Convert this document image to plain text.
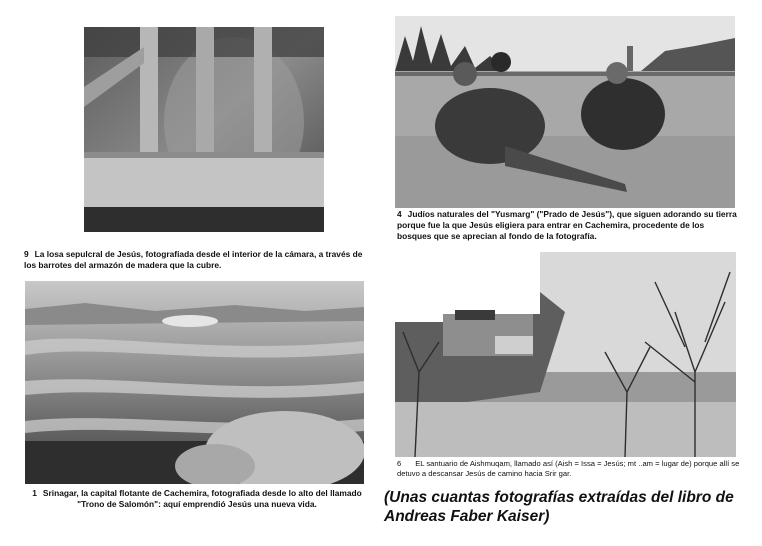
9 La losa sepulcral de Jesús, fotografiada desde el interior de la cámara, a través de los barrotes del armazón de madera que la cubre.
4 Judíos naturales del "Yusmarg" ("Prado de Jesús"), que siguen adorando su tierra porque fue la que Jesús eligiera para entrar en Cachemira, procedente de los bosques que se aprecian al fondo de la fotografía.
1 Srinagar, la capital flotante de Cachemira, fotografiada desde lo alto del llamado "Trono de Salomón": aquí emprendió Jesús una nueva vida.
6 EL santuario de Aishmuqam, llamado así (Aish = Issa = Jesús; mt ..am = lugar de) porque allí se detuvo a descansar Jesús de camino hacia Srir gar.
(Unas cuantas fotografías extraídas del libro de
Andreas Faber Kaiser)
